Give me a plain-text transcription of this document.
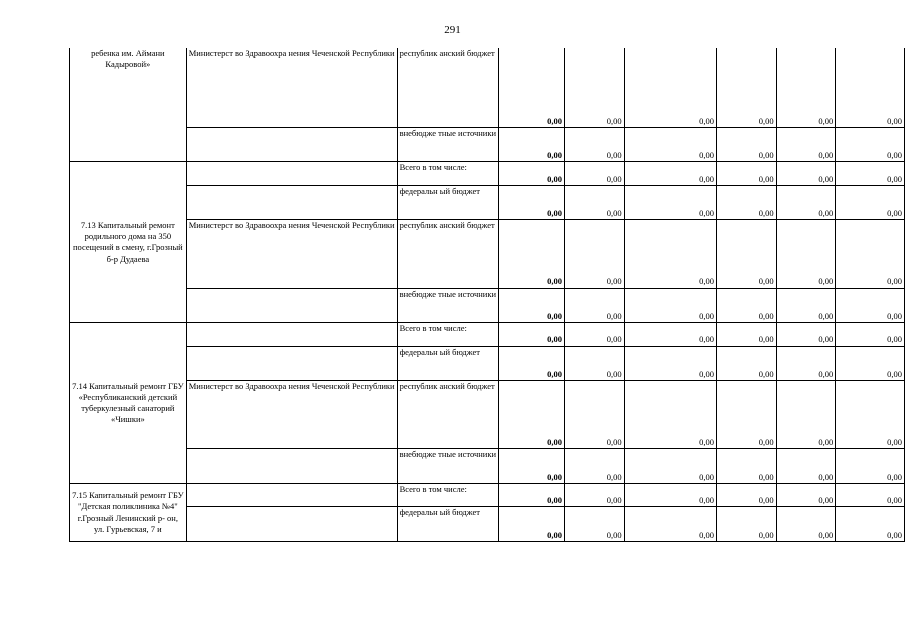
291
ребенка им. Аймани Кадыровой»	Министерст во Здравоохра нения Чеченской Республики	республик анский бюджет	0,00	0,00	0,00	0,00	0,00	0,00
		внебюдже тные источники	0,00	0,00	0,00	0,00	0,00	0,00
7.13 Капитальный ремонт родильного дома на 350 посещений в смену, г.Грозный б-р Дудаева		Всего в том числе:	0,00	0,00	0,00	0,00	0,00	0,00
		федеральн ый бюджет	0,00	0,00	0,00	0,00	0,00	0,00
	Министерст во Здравоохра нения Чеченской Республики	республик анский бюджет	0,00	0,00	0,00	0,00	0,00	0,00
		внебюдже тные источники	0,00	0,00	0,00	0,00	0,00	0,00
7.14 Капитальный ремонт ГБУ «Республиканский детский туберкулезный санаторий «Чишки»		Всего в том числе:	0,00	0,00	0,00	0,00	0,00	0,00
		федеральн ый бюджет	0,00	0,00	0,00	0,00	0,00	0,00
	Министерст во Здравоохра нения Чеченской Республики	республик анский бюджет	0,00	0,00	0,00	0,00	0,00	0,00
		внебюдже тные источники	0,00	0,00	0,00	0,00	0,00	0,00
7.15 Капитальный ремонт ГБУ "Детская поликлиника №4" г.Грозный Ленинский р- он, ул. Гурьевская, 7 и		Всего в том числе:	0,00	0,00	0,00	0,00	0,00	0,00
		федеральн ый бюджет	0,00	0,00	0,00	0,00	0,00	0,00
